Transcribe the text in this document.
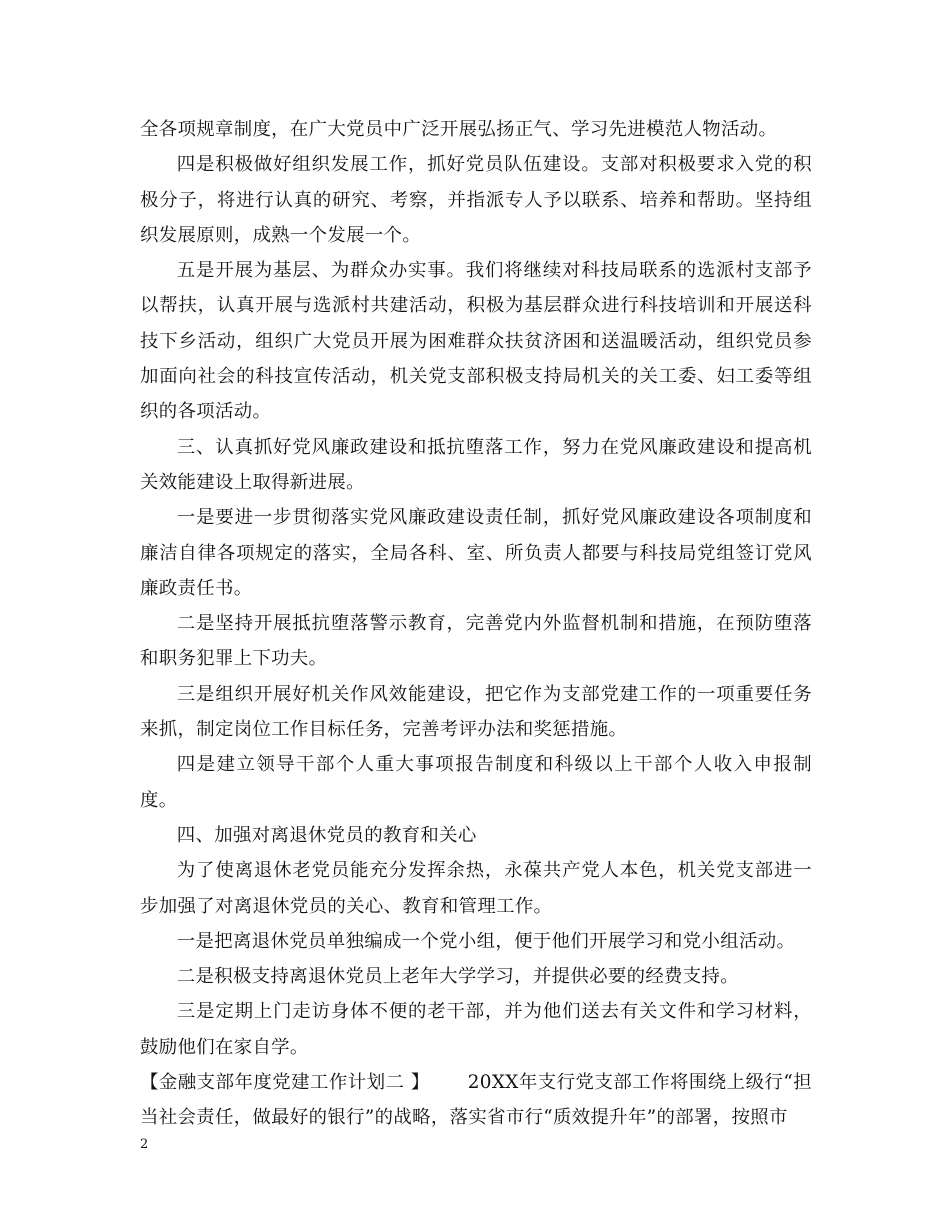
全各项规章制度，在广大党员中广泛开展弘扬正气、学习先进模范人物活动。

四是积极做好组织发展工作，抓好党员队伍建设。支部对积极要求入党的积极分子，将进行认真的研究、考察，并指派专人予以联系、培养和帮助。坚持组织发展原则，成熟一个发展一个。

五是开展为基层、为群众办实事。我们将继续对科技局联系的选派村支部予以帮扶，认真开展与选派村共建活动，积极为基层群众进行科技培训和开展送科技下乡活动，组织广大党员开展为困难群众扶贫济困和送温暖活动，组织党员参加面向社会的科技宣传活动，机关党支部积极支持局机关的关工委、妇工委等组织的各项活动。

三、认真抓好党风廉政建设和抵抗堕落工作，努力在党风廉政建设和提高机关效能建设上取得新进展。

一是要进一步贯彻落实党风廉政建设责任制，抓好党风廉政建设各项制度和廉洁自律各项规定的落实，全局各科、室、所负责人都要与科技局党组签订党风廉政责任书。

二是坚持开展抵抗堕落警示教育，完善党内外监督机制和措施，在预防堕落和职务犯罪上下功夫。

三是组织开展好机关作风效能建设，把它作为支部党建工作的一项重要任务来抓，制定岗位工作目标任务，完善考评办法和奖惩措施。

四是建立领导干部个人重大事项报告制度和科级以上干部个人收入申报制度。

四、加强对离退休党员的教育和关心

为了使离退休老党员能充分发挥余热，永葆共产党人本色，机关党支部进一步加强了对离退休党员的关心、教育和管理工作。

一是把离退休党员单独编成一个党小组，便于他们开展学习和党小组活动。

二是积极支持离退休党员上老年大学学习，并提供必要的经费支持。

三是定期上门走访身体不便的老干部，并为他们送去有关文件和学习材料，鼓励他们在家自学。

【金融支部年度党建工作计划二 】 20XX年支行党支部工作将围绕上级行“担当社会责任，做最好的银行”的战略，落实省市行“质效提升年”的部署，按照市

2
